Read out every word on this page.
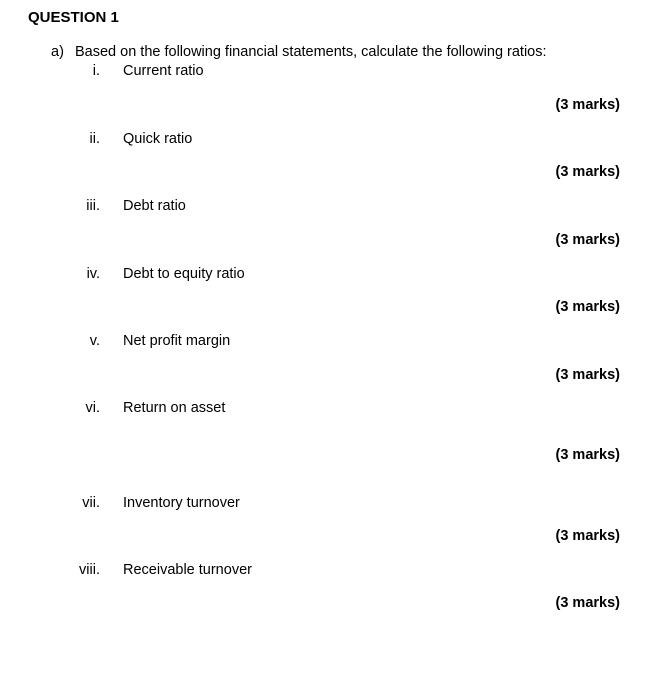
QUESTION 1
a) Based on the following financial statements, calculate the following ratios:
i. Current ratio
(3 marks)
ii. Quick ratio
(3 marks)
iii. Debt ratio
(3 marks)
iv. Debt to equity ratio
(3 marks)
v. Net profit margin
(3 marks)
vi. Return on asset
(3 marks)
vii. Inventory turnover
(3 marks)
viii. Receivable turnover
(3 marks)
